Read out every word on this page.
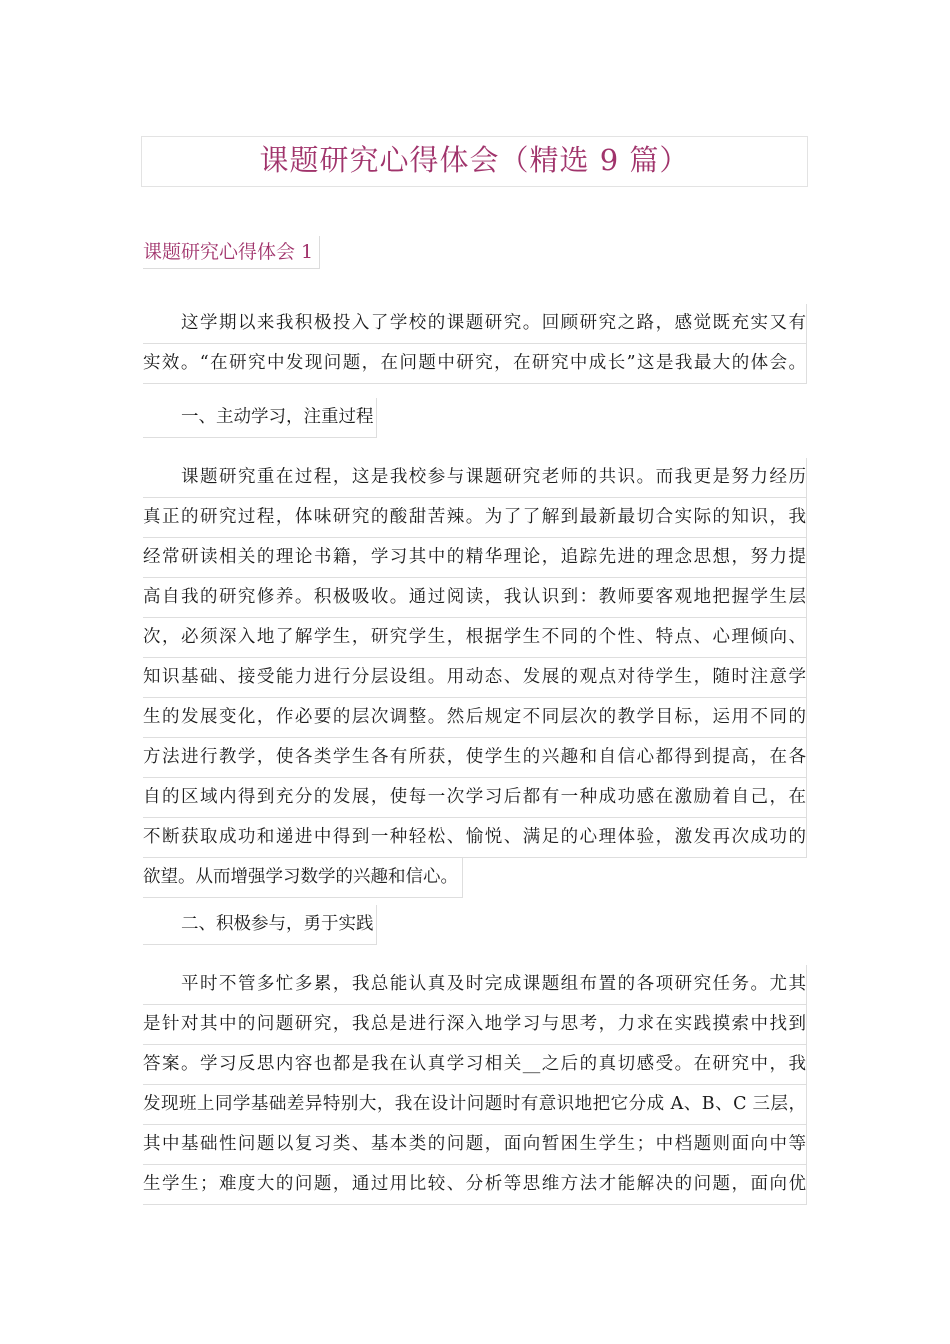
课题研究心得体会（精选 9 篇）
课题研究心得体会 1
这学期以来我积极投入了学校的课题研究。回顾研究之路，感觉既充实又有
实效。“在研究中发现问题，在问题中研究，在研究中成长”这是我最大的体会。
一、主动学习，注重过程
课题研究重在过程，这是我校参与课题研究老师的共识。而我更是努力经历
真正的研究过程，体味研究的酸甜苦辣。为了了解到最新最切合实际的知识，我
经常研读相关的理论书籍，学习其中的精华理论，追踪先进的理念思想，努力提
高自我的研究修养。积极吸收。通过阅读，我认识到：教师要客观地把握学生层
次，必须深入地了解学生，研究学生，根据学生不同的个性、特点、心理倾向、
知识基础、接受能力进行分层设组。用动态、发展的观点对待学生，随时注意学
生的发展变化，作必要的层次调整。然后规定不同层次的教学目标，运用不同的
方法进行教学，使各类学生各有所获，使学生的兴趣和自信心都得到提高，在各
自的区域内得到充分的发展，使每一次学习后都有一种成功感在激励着自己，在
不断获取成功和递进中得到一种轻松、愉悦、满足的心理体验，激发再次成功的
欲望。从而增强学习数学的兴趣和信心。
二、积极参与，勇于实践
平时不管多忙多累，我总能认真及时完成课题组布置的各项研究任务。尤其
是针对其中的问题研究，我总是进行深入地学习与思考，力求在实践摸索中找到
答案。学习反思内容也都是我在认真学习相关__之后的真切感受。在研究中，我
发现班上同学基础差异特别大，我在设计问题时有意识地把它分成 A、B、C 三层，
其中基础性问题以复习类、基本类的问题，面向暂困生学生；中档题则面向中等
生学生；难度大的问题，通过用比较、分析等思维方法才能解决的问题，面向优
